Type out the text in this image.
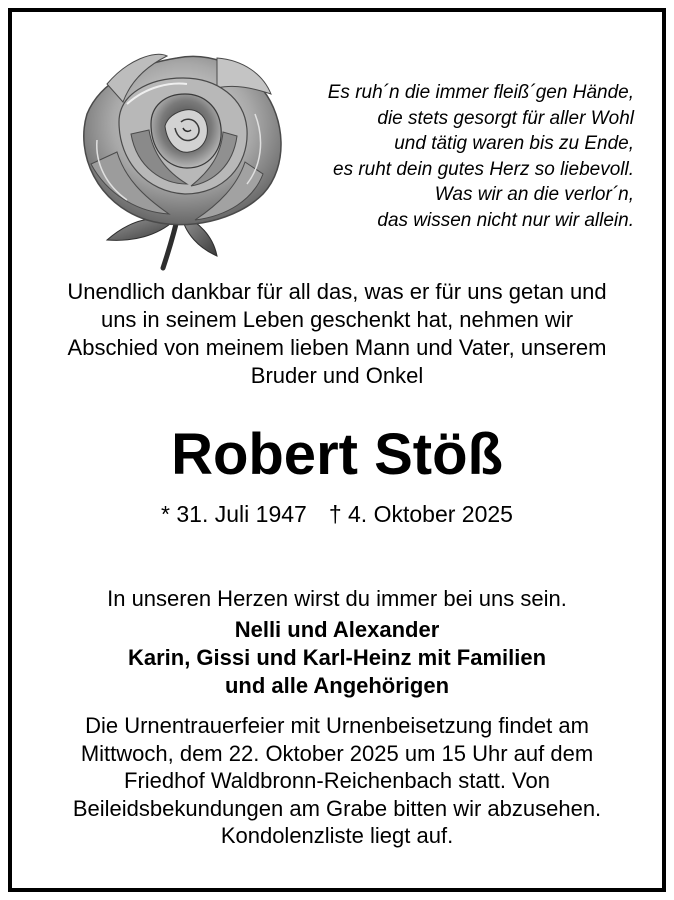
Es ruh´n die immer fleiß´gen Hände,
die stets gesorgt für aller Wohl
und tätig waren bis zu Ende,
es ruht dein gutes Herz so liebevoll.
Was wir an die verlor´n,
das wissen nicht nur wir allein.
Unendlich dankbar für all das, was er für uns getan und
uns in seinem Leben geschenkt hat, nehmen wir
Abschied von meinem lieben Mann und Vater, unserem
Bruder und Onkel
Robert Stöß
* 31. Juli 1947 † 4. Oktober 2025
In unseren Herzen wirst du immer bei uns sein.
Nelli und Alexander
Karin, Gissi und Karl-Heinz mit Familien
und alle Angehörigen
Die Urnentrauerfeier mit Urnenbeisetzung findet am
Mittwoch, dem 22. Oktober 2025 um 15 Uhr auf dem
Friedhof Waldbronn-Reichenbach statt. Von
Beileidsbekundungen am Grabe bitten wir abzusehen.
Kondolenzliste liegt auf.
